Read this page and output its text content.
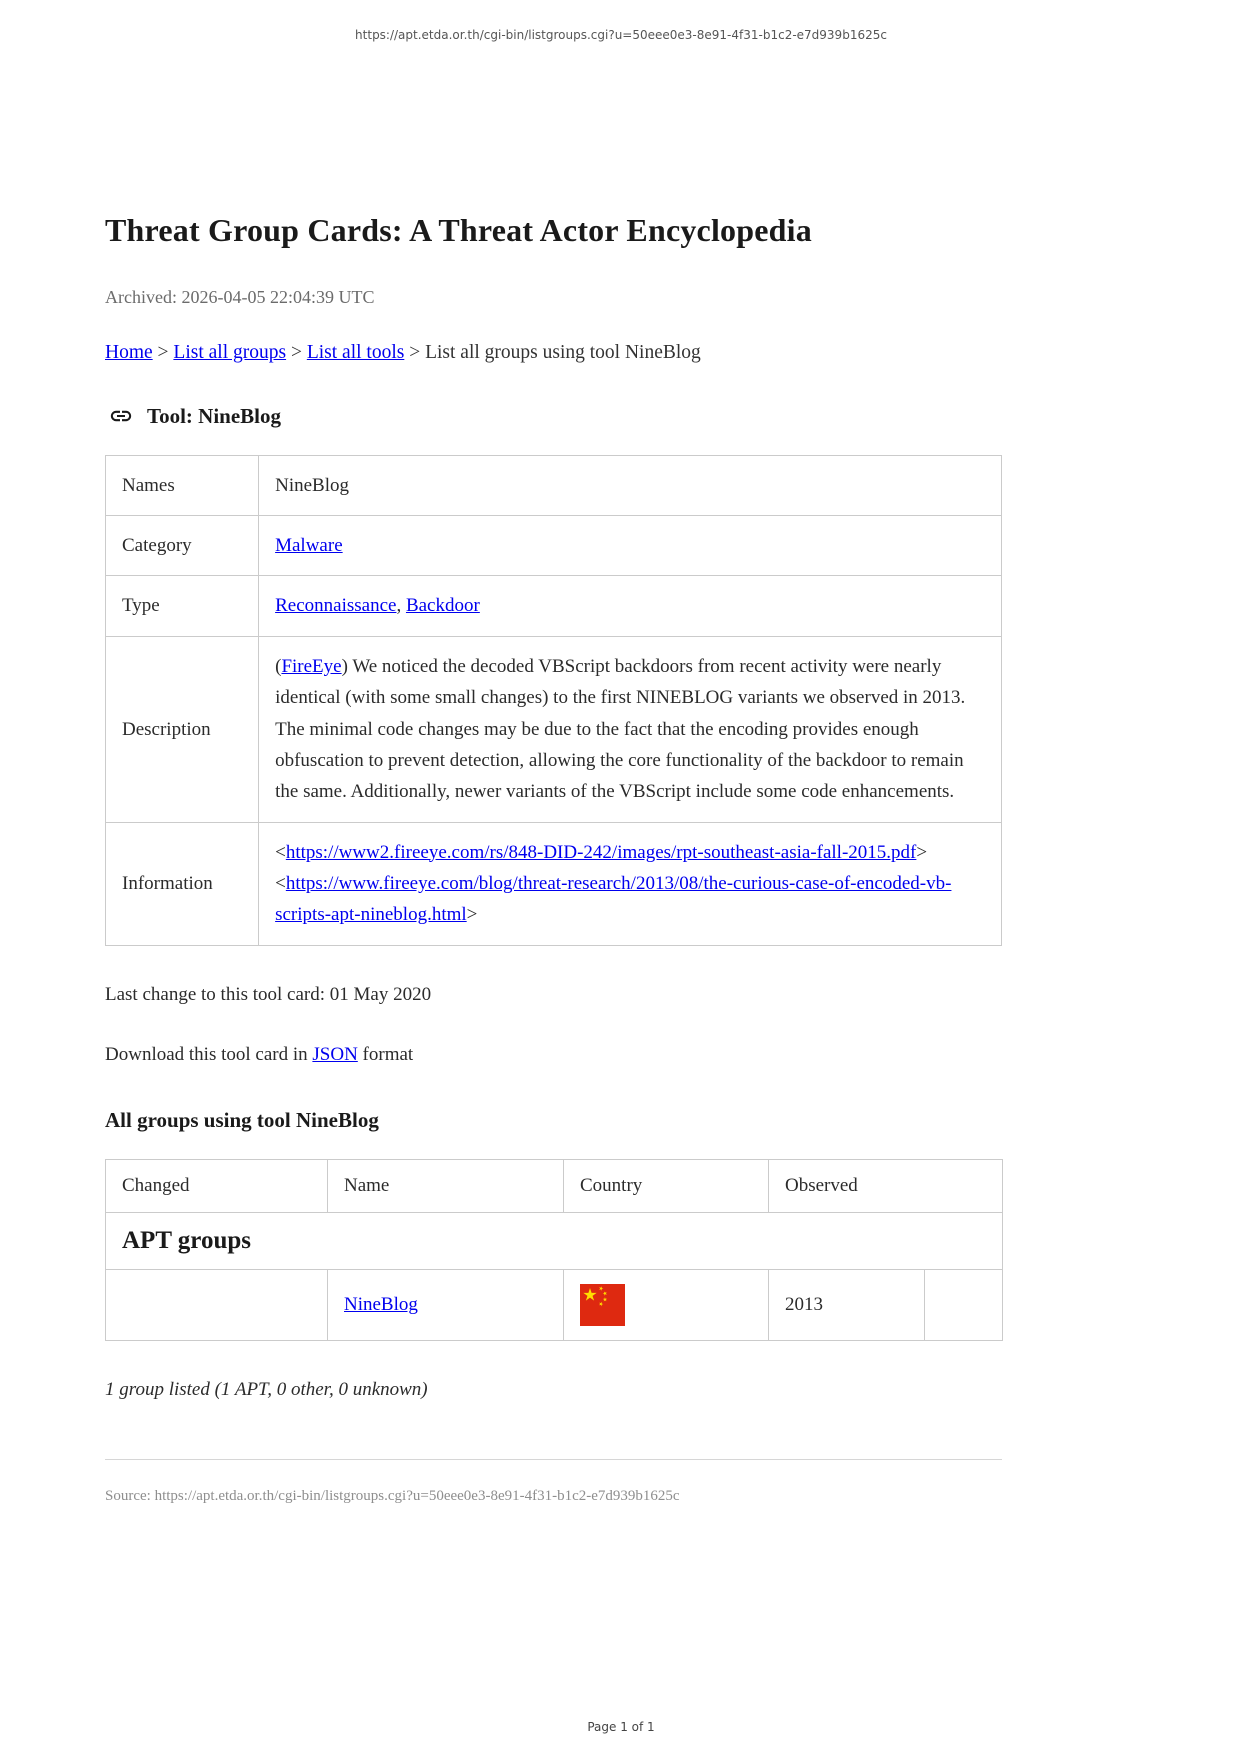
https://apt.etda.or.th/cgi-bin/listgroups.cgi?u=50eee0e3-8e91-4f31-b1c2-e7d939b1625c
Threat Group Cards: A Threat Actor Encyclopedia
Archived: 2026-04-05 22:04:39 UTC
Home > List all groups > List all tools > List all groups using tool NineBlog
Tool: NineBlog
Names	NineBlog
Category	Malware
Type	Reconnaissance, Backdoor
Description	(FireEye) We noticed the decoded VBScript backdoors from recent activity were nearly identical (with some small changes) to the first NINEBLOG variants we observed in 2013. The minimal code changes may be due to the fact that the encoding provides enough obfuscation to prevent detection, allowing the core functionality of the backdoor to remain the same. Additionally, newer variants of the VBScript include some code enhancements.
Information	<https://www2.fireeye.com/rs/848-DID-242/images/rpt-southeast-asia-fall-2015.pdf>
<https://www.fireeye.com/blog/threat-research/2013/08/the-curious-case-of-encoded-vb-scripts-apt-nineblog.html>
Last change to this tool card: 01 May 2020
Download this tool card in JSON format
All groups using tool NineBlog
Changed	Name	Country	Observed	
APT groups				
	NineBlog		2013	
1 group listed (1 APT, 0 other, 0 unknown)
Source: https://apt.etda.or.th/cgi-bin/listgroups.cgi?u=50eee0e3-8e91-4f31-b1c2-e7d939b1625c
Page 1 of 1
